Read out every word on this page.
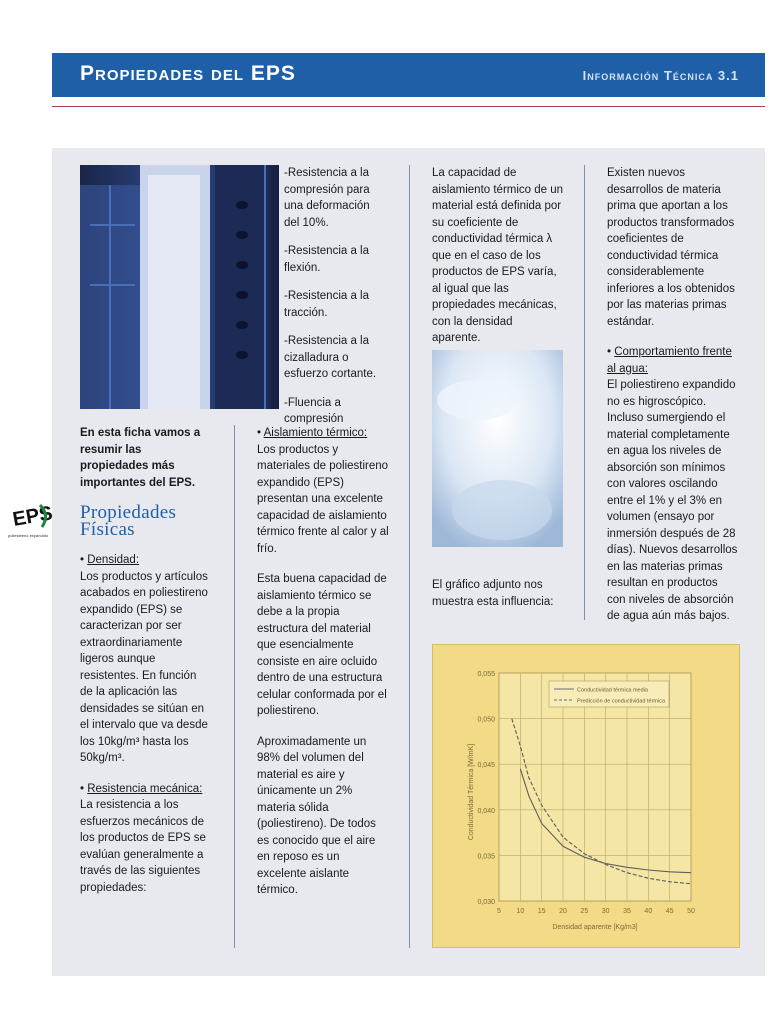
Propiedades del EPS	Información Técnica 3.1
EPS
poliestireno expandido

En esta ficha vamos a resumir las propiedades más importantes del EPS.

Propiedades Físicas

• Densidad:

Los productos y artículos acabados en poliestireno expandido (EPS) se caracterizan por ser extraordinariamente ligeros aunque resistentes. En función de la aplicación las densidades se sitúan en el intervalo que va desde los 10kg/m³ hasta los 50kg/m³.

• Resistencia mecánica:

La resistencia a los esfuerzos mecánicos de los productos de EPS se evalúan generalmente a través de las siguientes propiedades:

-Resistencia a la compresión para una deformación del 10%.
-Resistencia a la flexión.
-Resistencia a la tracción.
-Resistencia a la cizalladura o esfuerzo cortante.
-Fluencia a compresión

• Aislamiento térmico:

Los productos y materiales de poliestireno expandido (EPS) presentan una excelente capacidad de aislamiento térmico frente al calor y al frío.

Esta buena capacidad de aislamiento térmico se debe a la propia estructura del material que esencialmente consiste en aire ocluido dentro de una estructura celular conformada por el poliestireno.

Aproximadamente un 98% del volumen del material es aire y únicamente un 2% materia sólida (poliestireno). De todos es conocido que el aire en reposo es un excelente aislante térmico.

La capacidad de aislamiento térmico de un material está definida por su coeficiente de conductividad térmica λ que en el caso de los productos de EPS varía, al igual que las propiedades mecánicas, con la densidad aparente.

El gráfico adjunto nos muestra esta influencia:

Existen nuevos desarrollos de materia prima que aportan a los productos transformados coeficientes de conductividad térmica considerablemente inferiores a los obtenidos por las materias primas estándar.

• Comportamiento frente al agua:

El poliestireno expandido no es higroscópico. Incluso sumergiendo el material completamente en agua los niveles de absorción son mínimos con valores oscilando entre el 1% y el 3% en volumen (ensayo por inmersión después de 28 días). Nuevos desarrollos en las materias primas resultan en productos con niveles de absorción de agua aún más bajos.

5 10 15 20 25 30 35 40 45 50
0,030
0,035
0,040
0,045
0,050
0,055
Densidad aparente [Kg/m3]
Conductividad Térmica [W/mK]
Conductividad térmica media
Predicción de conductividad térmica
